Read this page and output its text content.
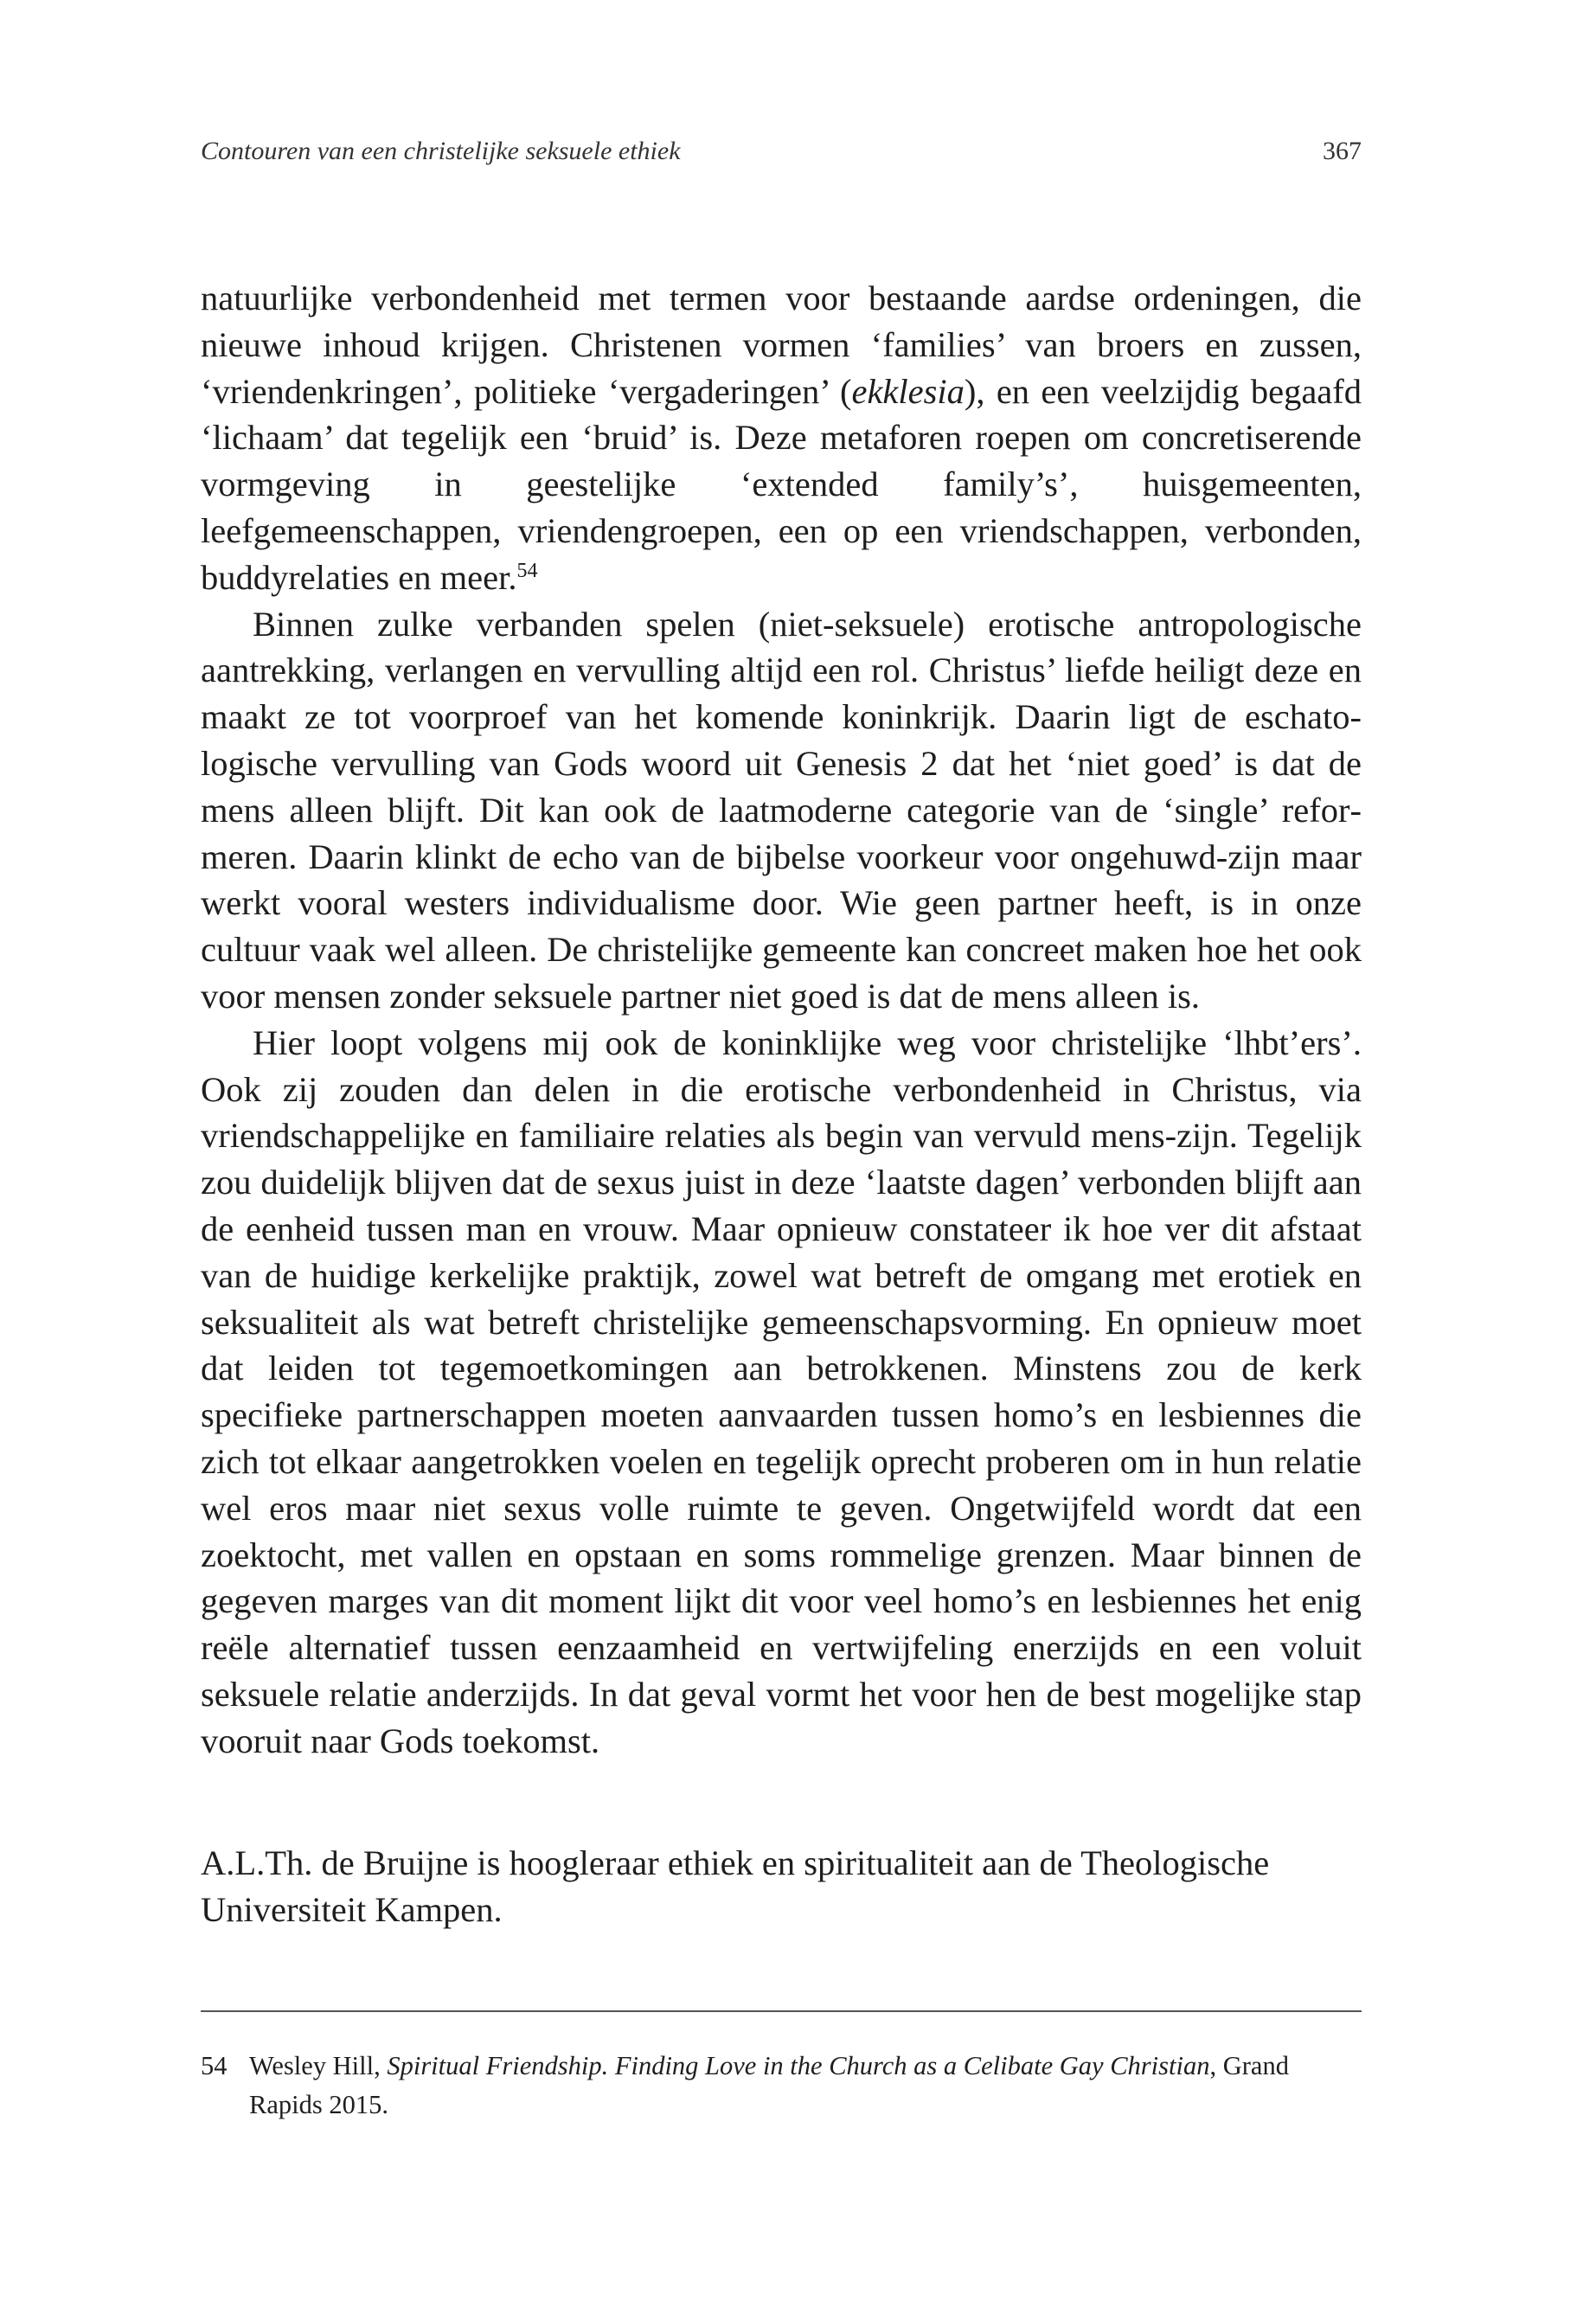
Contouren van een christelijke seksuele ethiek	367

natuurlijke verbondenheid met termen voor bestaande aardse ordeningen, die nieuwe inhoud krijgen. Christenen vormen ‘families’ van broers en zussen, ‘vriendenkringen’, politieke ‘vergaderingen’ (ekklesia), en een veelzijdig begaafd ‘lichaam’ dat tegelijk een ‘bruid’ is. Deze metaforen roepen om concretiserende vormgeving in geestelijke ‘extended family’s’, huisgemeenten, leefgemeenschappen, vriendengroepen, een op een vriendschappen, verbonden, buddyrelaties en meer.$^{54}$

Binnen zulke verbanden spelen (niet-seksuele) erotische antropologische aantrekking, verlangen en vervulling altijd een rol. Christus’ liefde heiligt deze en maakt ze tot voorproef van het komende koninkrijk. Daarin ligt de eschatologische vervulling van Gods woord uit Genesis 2 dat het ‘niet goed’ is dat de mens alleen blijft. Dit kan ook de laatmoderne categorie van de ‘single’ reformeren. Daarin klinkt de echo van de bijbelse voorkeur voor ongehuwd-zijn maar werkt vooral westers individualisme door. Wie geen partner heeft, is in onze cultuur vaak wel alleen. De christelijke gemeente kan concreet maken hoe het ook voor mensen zonder seksuele partner niet goed is dat de mens alleen is.

Hier loopt volgens mij ook de koninklijke weg voor christelijke ‘lhbt’ers’. Ook zij zouden dan delen in die erotische verbondenheid in Christus, via vriendschappelijke en familiaire relaties als begin van vervuld mens-zijn. Tegelijk zou duidelijk blijven dat de sexus juist in deze ‘laatste dagen’ verbonden blijft aan de eenheid tussen man en vrouw. Maar opnieuw constateer ik hoe ver dit afstaat van de huidige kerkelijke praktijk, zowel wat betreft de omgang met erotiek en seksualiteit als wat betreft christelijke gemeenschapsvorming. En opnieuw moet dat leiden tot tegemoetkomingen aan betrokkenen. Minstens zou de kerk specifieke partnerschappen moeten aanvaarden tussen homo’s en lesbiennes die zich tot elkaar aangetrokken voelen en tegelijk oprecht proberen om in hun relatie wel eros maar niet sexus volle ruimte te geven. Ongetwijfeld wordt dat een zoektocht, met vallen en opstaan en soms rommelige grenzen. Maar binnen de gegeven marges van dit moment lijkt dit voor veel homo’s en lesbiennes het enig reële alternatief tussen eenzaamheid en vertwijfeling enerzijds en een voluit seksuele relatie anderzijds. In dat geval vormt het voor hen de best mogelijke stap vooruit naar Gods toekomst.

A.L.Th. de Bruijne is hoogleraar ethiek en spiritualiteit aan de Theologische Universiteit Kampen.

54 Wesley Hill, Spiritual Friendship. Finding Love in the Church as a Celibate Gay Christian, Grand Rapids 2015.
